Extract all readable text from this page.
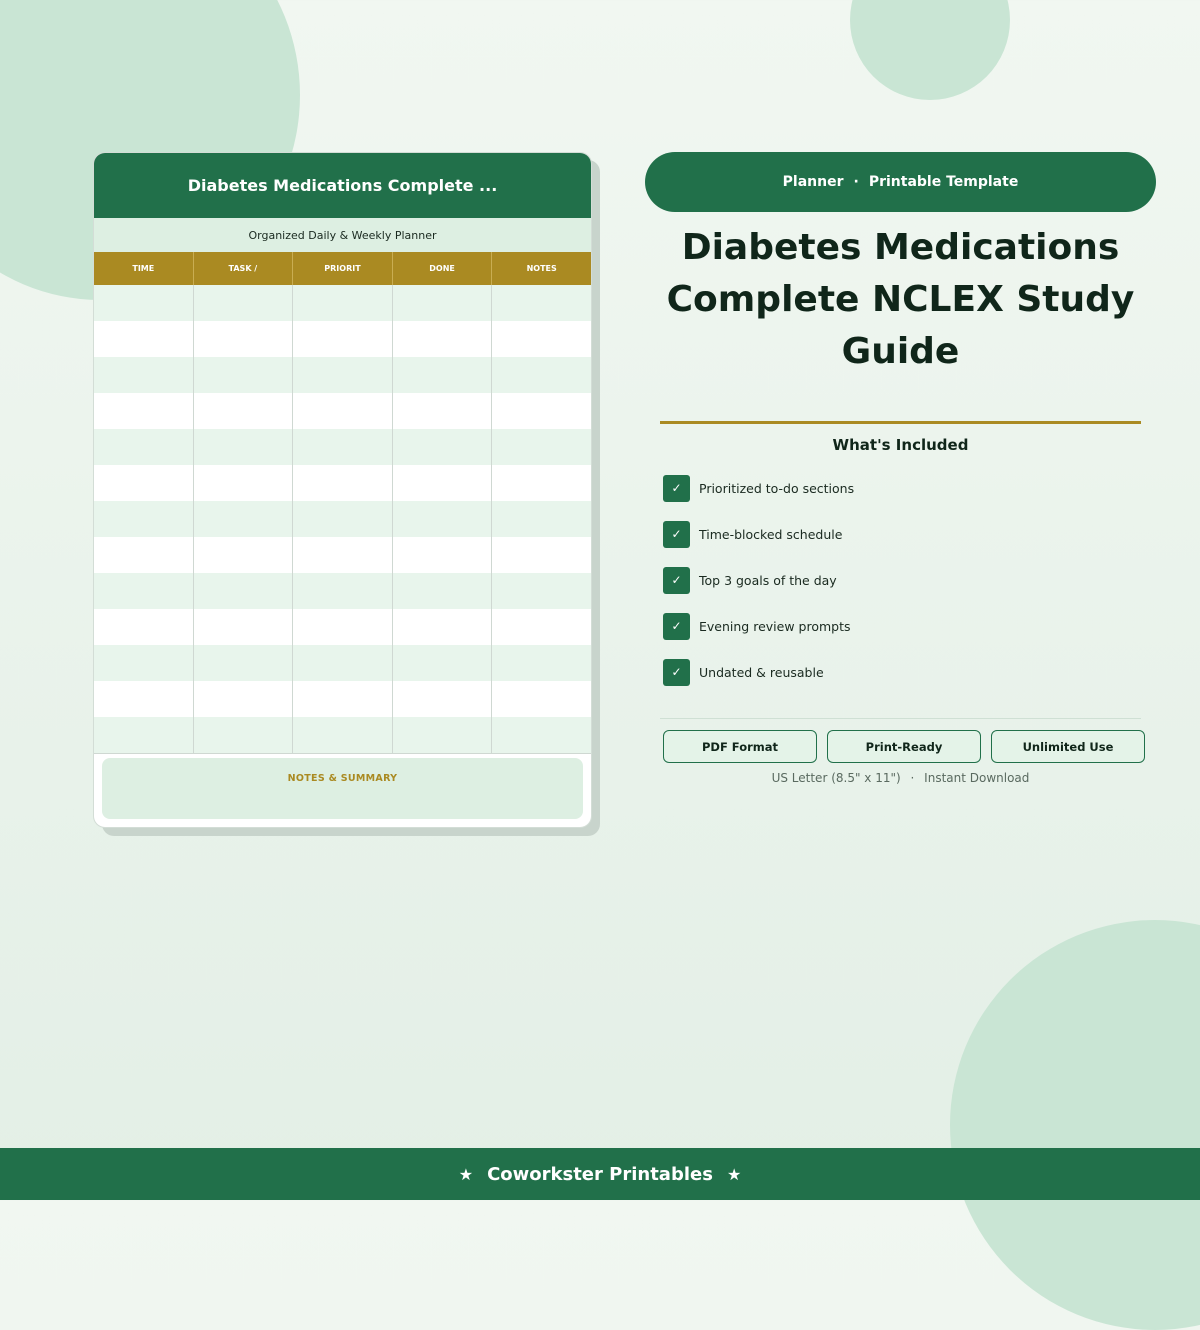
Diabetes Medications Complete ...
Organized Daily & Weekly Planner
TIME	TASK /	PRIORIT	DONE	NOTES
NOTES & SUMMARY
Planner · Printable Template
Diabetes Medications Complete NCLEX Study Guide
What's Included
✓	Prioritized to-do sections
✓	Time-blocked schedule
✓	Top 3 goals of the day
✓	Evening review prompts
✓	Undated & reusable
PDF Format	Print-Ready	Unlimited Use
US Letter (8.5" x 11") · Instant Download
★ Coworkster Printables ★
